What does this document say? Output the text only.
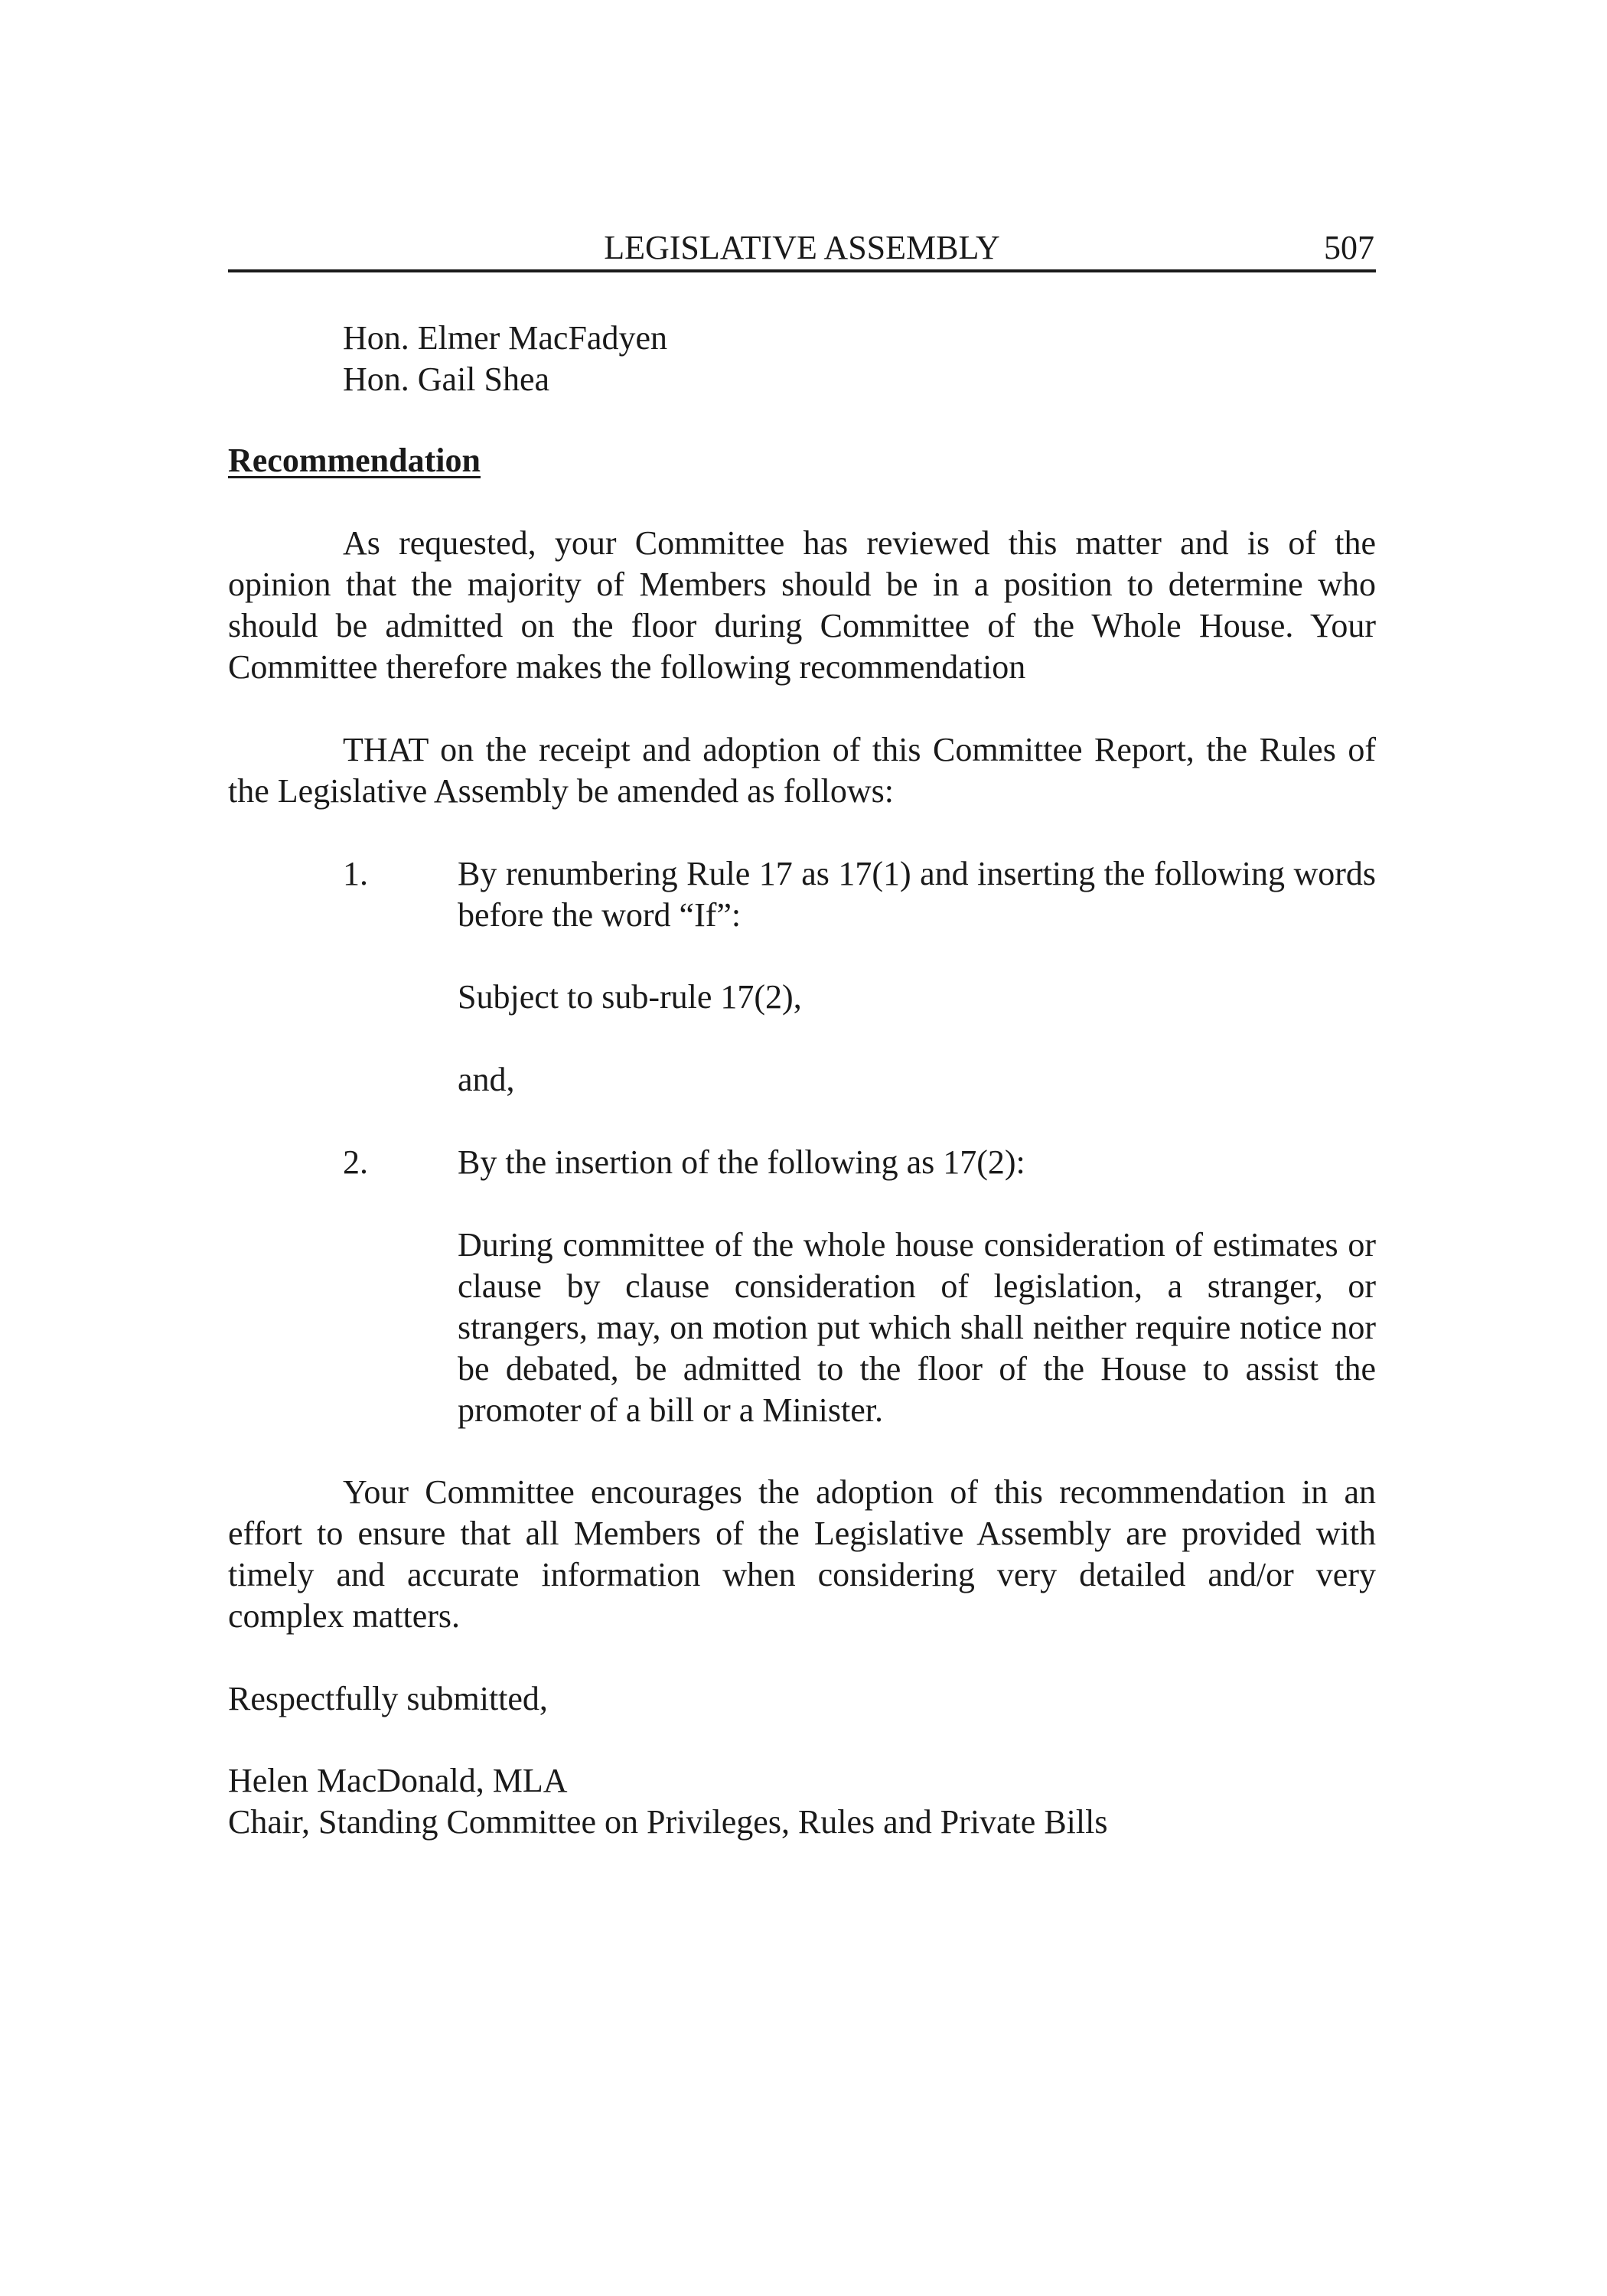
LEGISLATIVE ASSEMBLY	507
Hon. Elmer MacFadyen
Hon. Gail Shea
Recommendation
As requested, your Committee has reviewed this matter and is of the opinion that the majority of Members should be in a position to determine who should be admitted on the floor during Committee of the Whole House. Your Committee therefore makes the following recommendation
THAT on the receipt and adoption of this Committee Report, the Rules of the Legislative Assembly be amended as follows:
1.	By renumbering Rule 17 as 17(1) and inserting the following words before the word “If”:
Subject to sub-rule 17(2),
and,
2.	By the insertion of the following as 17(2):
During committee of the whole house consideration of estimates or clause by clause consideration of legislation, a stranger, or strangers, may, on motion put which shall neither require notice nor be debated, be admitted to the floor of the House to assist the promoter of a bill or a Minister.
Your Committee encourages the adoption of this recommendation in an effort to ensure that all Members of the Legislative Assembly are provided with timely and accurate information when considering very detailed and/or very complex matters.
Respectfully submitted,
Helen MacDonald, MLA
Chair, Standing Committee on Privileges, Rules and Private Bills
